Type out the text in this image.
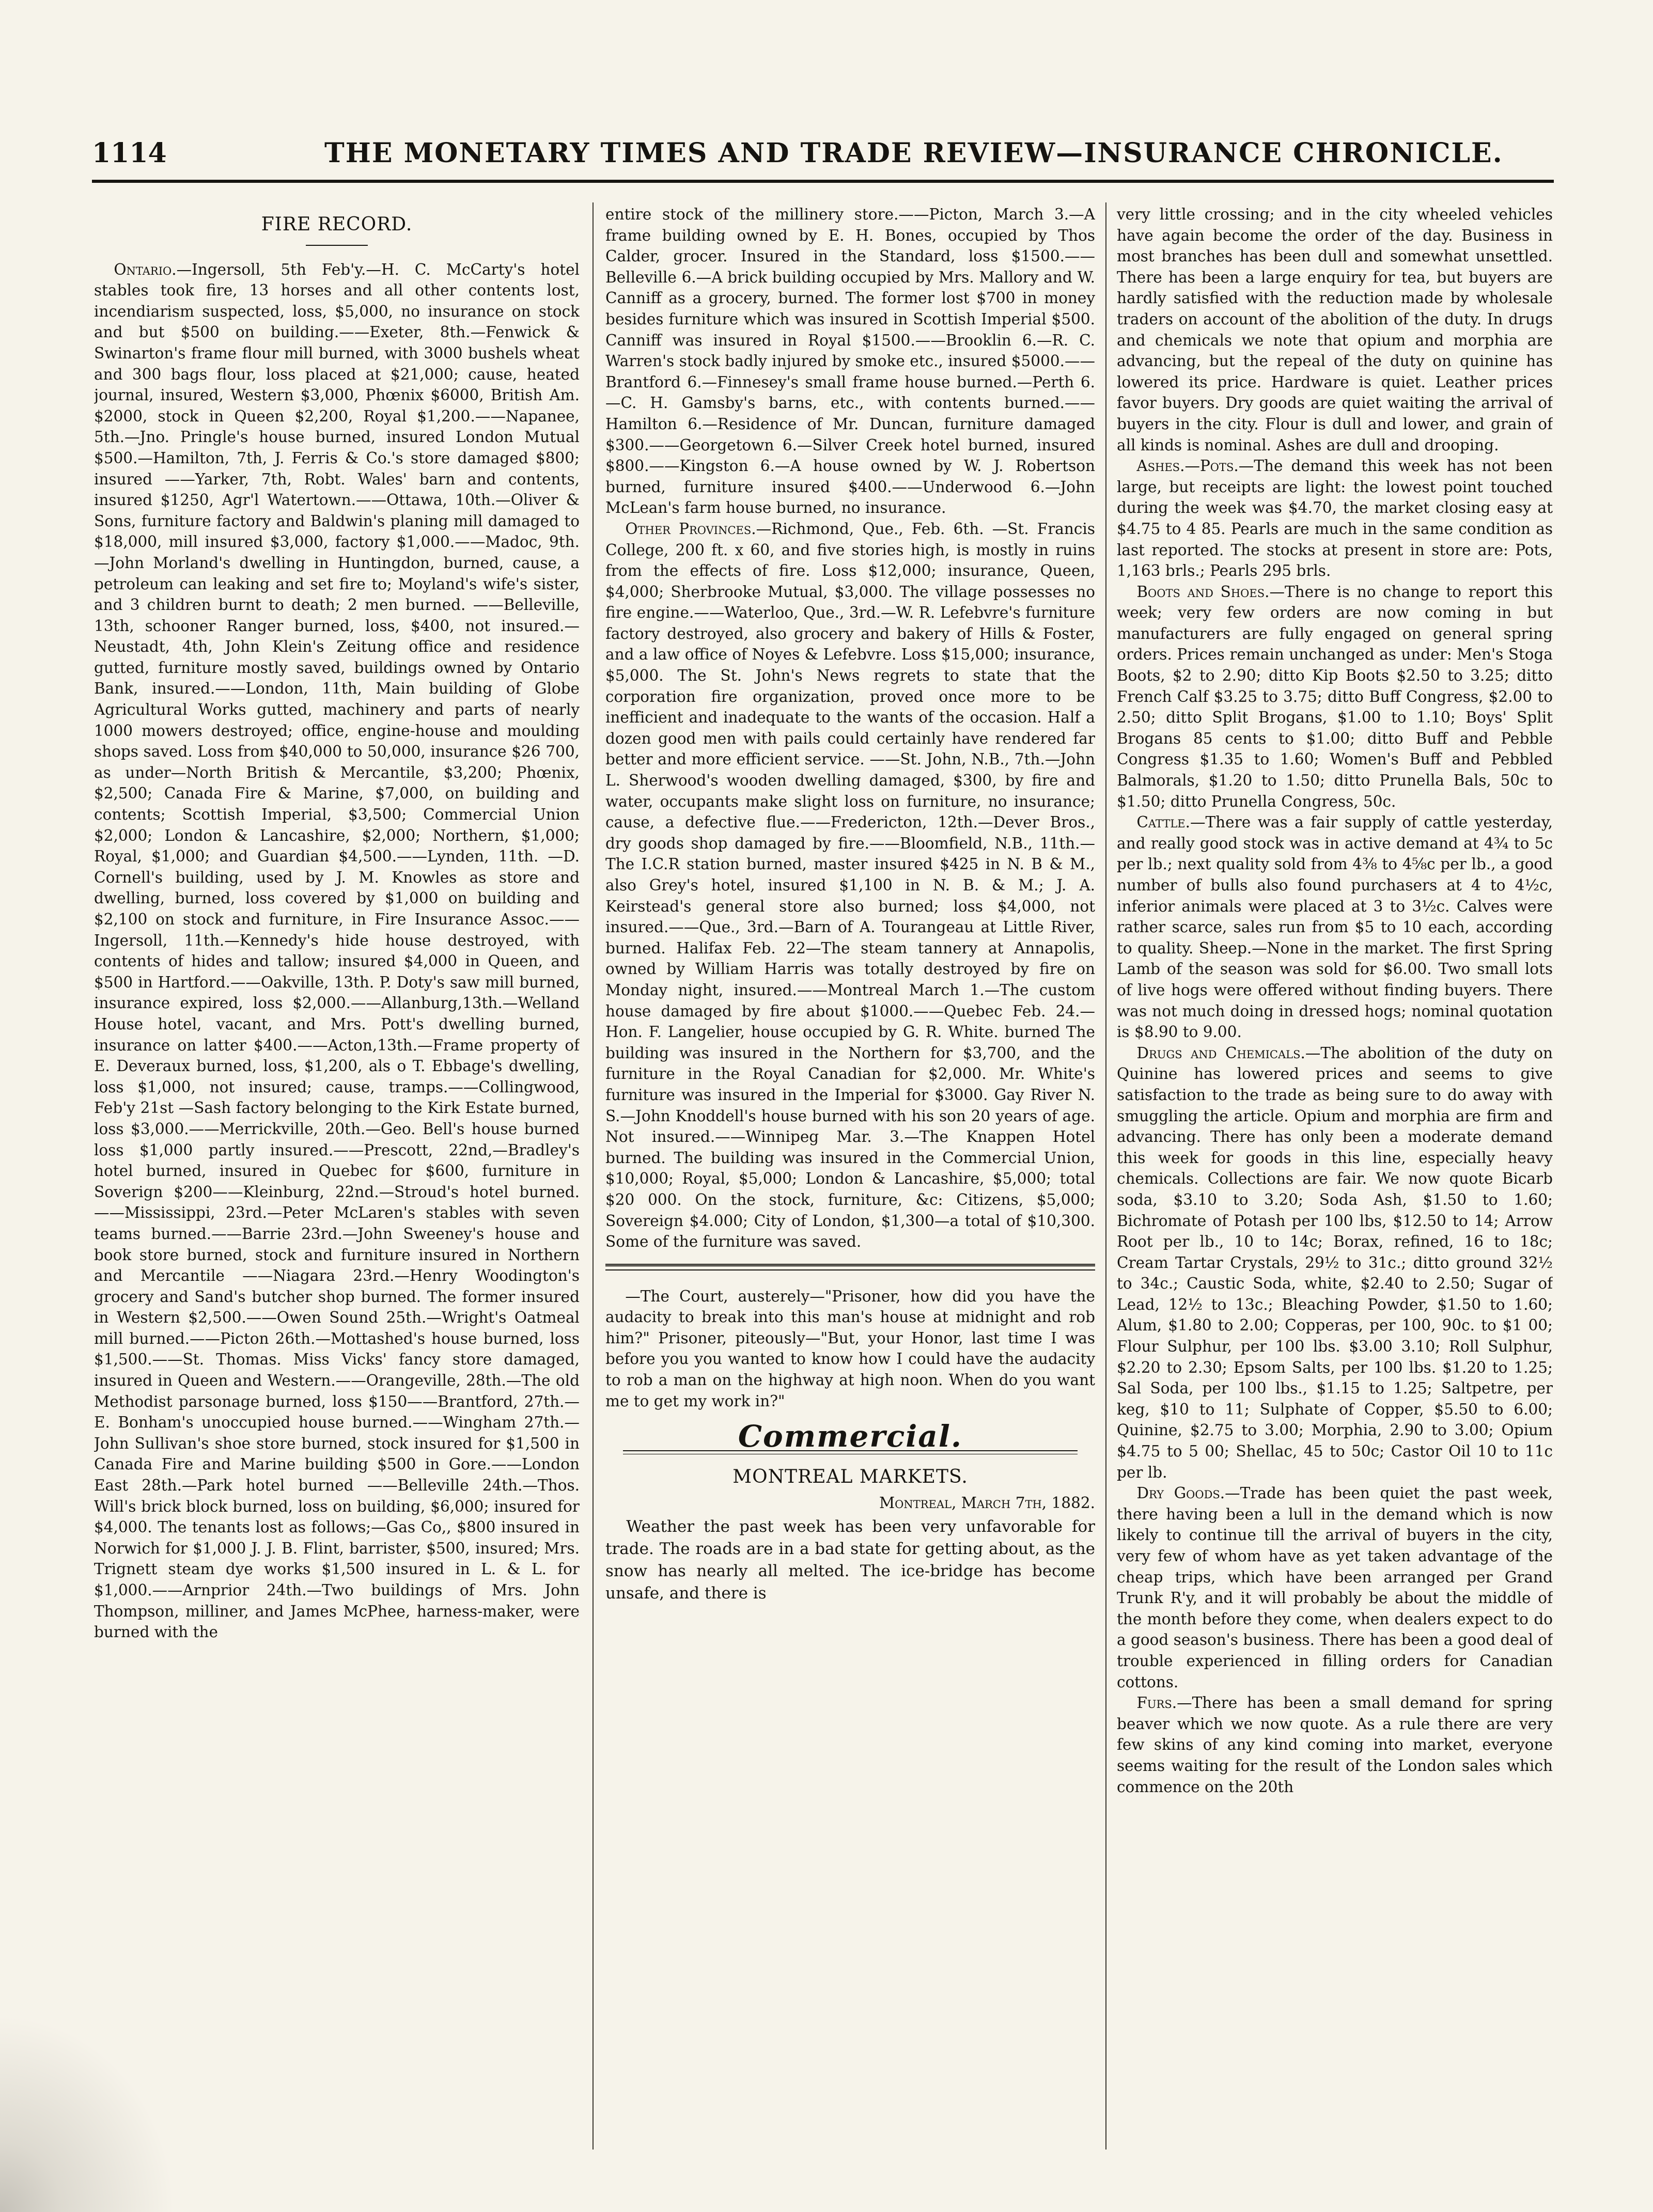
1114	THE MONETARY TIMES AND TRADE REVIEW—INSURANCE CHRONICLE.
FIRE RECORD.

Ontario.—Ingersoll, 5th Feb'y.—H. C. McCarty's hotel stables took fire, 13 horses and all other contents lost, incendiarism suspected, loss, $5,000, no insurance on stock and but $500 on building.——Exeter, 8th.—Fenwick & Swinarton's frame flour mill burned, with 3000 bushels wheat and 300 bags flour, loss placed at $21,000; cause, heated journal, insured, Western $3,000, Phœnix $6000, British Am. $2000, stock in Queen $2,200, Royal $1,200.——Napanee, 5th.—Jno. Pringle's house burned, insured London Mutual $500.—Hamilton, 7th, J. Ferris & Co.'s store damaged $800; insured ——Yarker, 7th, Robt. Wales' barn and contents, insured $1250, Agr'l Watertown.——Ottawa, 10th.—Oliver & Sons, furniture factory and Baldwin's planing mill damaged to $18,000, mill insured $3,000, factory $1,000.——Madoc, 9th.—John Morland's dwelling in Huntingdon, burned, cause, a petroleum can leaking and set fire to; Moyland's wife's sister, and 3 children burnt to death; 2 men burned. ——Belleville, 13th, schooner Ranger burned, loss, $400, not insured.—Neustadt, 4th, John Klein's Zeitung office and residence gutted, furniture mostly saved, buildings owned by Ontario Bank, insured.——London, 11th, Main building of Globe Agricultural Works gutted, machinery and parts of nearly 1000 mowers destroyed; office, engine-house and moulding shops saved. Loss from $40,000 to 50,000, insurance $26 700, as under—North British & Mercantile, $3,200; Phœnix, $2,500; Canada Fire & Marine, $7,000, on building and contents; Scottish Imperial, $3,500; Commercial Union $2,000; London & Lancashire, $2,000; Northern, $1,000; Royal, $1,000; and Guardian $4,500.——Lynden, 11th. —D. Cornell's building, used by J. M. Knowles as store and dwelling, burned, loss covered by $1,000 on building and $2,100 on stock and furniture, in Fire Insurance Assoc.——Ingersoll, 11th.—Kennedy's hide house destroyed, with contents of hides and tallow; insured $4,000 in Queen, and $500 in Hartford.——Oakville, 13th. P. Doty's saw mill burned, insurance expired, loss $2,000.——Allanburg,13th.—Welland House hotel, vacant, and Mrs. Pott's dwelling burned, insurance on latter $400.——Acton,13th.—Frame property of E. Deveraux burned, loss, $1,200, als o T. Ebbage's dwelling, loss $1,000, not insured; cause, tramps.——Collingwood, Feb'y 21st —Sash factory belonging to the Kirk Estate burned, loss $3,000.——Merrickville, 20th.—Geo. Bell's house burned loss $1,000 partly insured.——Prescott, 22nd,—Bradley's hotel burned, insured in Quebec for $600, furniture in Soverign $200——Kleinburg, 22nd.—Stroud's hotel burned.——Mississippi, 23rd.—Peter McLaren's stables with seven teams burned.——Barrie 23rd.—John Sweeney's house and book store burned, stock and furniture insured in Northern and Mercantile ——Niagara 23rd.—Henry Woodington's grocery and Sand's butcher shop burned. The former insured in Western $2,500.——Owen Sound 25th.—Wright's Oatmeal mill burned.——Picton 26th.—Mottashed's house burned, loss $1,500.——St. Thomas. Miss Vicks' fancy store damaged, insured in Queen and Western.——Orangeville, 28th.—The old Methodist parsonage burned, loss $150——Brantford, 27th.— E. Bonham's unoccupied house burned.——Wingham 27th.—John Sullivan's shoe store burned, stock insured for $1,500 in Canada Fire and Marine building $500 in Gore.——London East 28th.—Park hotel burned ——Belleville 24th.—Thos. Will's brick block burned, loss on building, $6,000; insured for $4,000. The tenants lost as follows;—Gas Co,, $800 insured in Norwich for $1,000 J. J. B. Flint, barrister, $500, insured; Mrs. Trignett steam dye works $1,500 insured in L. & L. for $1,000.——Arnprior 24th.—Two buildings of Mrs. John Thompson, milliner, and James McPhee, harness-maker, were burned with the

entire stock of the millinery store.——Picton, March 3.—A frame building owned by E. H. Bones, occupied by Thos Calder, grocer. Insured in the Standard, loss $1500.——Belleville 6.—A brick building occupied by Mrs. Mallory and W. Canniff as a grocery, burned. The former lost $700 in money besides furniture which was insured in Scottish Imperial $500. Canniff was insured in Royal $1500.——Brooklin 6.—R. C. Warren's stock badly injured by smoke etc., insured $5000.——Brantford 6.—Finnesey's small frame house burned.—Perth 6.—C. H. Gamsby's barns, etc., with contents burned.——Hamilton 6.—Residence of Mr. Duncan, furniture damaged $300.——Georgetown 6.—Silver Creek hotel burned, insured $800.——Kingston 6.—A house owned by W. J. Robertson burned, furniture insured $400.——Underwood 6.—John McLean's farm house burned, no insurance.

Other Provinces.—Richmond, Que., Feb. 6th. —St. Francis College, 200 ft. x 60, and five stories high, is mostly in ruins from the effects of fire. Loss $12,000; insurance, Queen, $4,000; Sherbrooke Mutual, $3,000. The village possesses no fire engine.——Waterloo, Que., 3rd.—W. R. Lefebvre's furniture factory destroyed, also grocery and bakery of Hills & Foster, and a law office of Noyes & Lefebvre. Loss $15,000; insurance, $5,000. The St. John's News regrets to state that the corporation fire organization, proved once more to be inefficient and inadequate to the wants of the occasion. Half a dozen good men with pails could certainly have rendered far better and more efficient service. ——St. John, N.B., 7th.—John L. Sherwood's wooden dwelling damaged, $300, by fire and water, occupants make slight loss on furniture, no insurance; cause, a defective flue.——Fredericton, 12th.—Dever Bros., dry goods shop damaged by fire.——Bloomfield, N.B., 11th.—The I.C.R station burned, master insured $425 in N. B & M., also Grey's hotel, insured $1,100 in N. B. & M.; J. A. Keirstead's general store also burned; loss $4,000, not insured.——Que., 3rd.—Barn of A. Tourangeau at Little River, burned. Halifax Feb. 22—The steam tannery at Annapolis, owned by William Harris was totally destroyed by fire on Monday night, insured.——Montreal March 1.—The custom house damaged by fire about $1000.——Quebec Feb. 24.—Hon. F. Langelier, house occupied by G. R. White. burned The building was insured in the Northern for $3,700, and the furniture in the Royal Canadian for $2,000. Mr. White's furniture was insured in the Imperial for $3000. Gay River N. S.—John Knoddell's house burned with his son 20 years of age. Not insured.——Winnipeg Mar. 3.—The Knappen Hotel burned. The building was insured in the Commercial Union, $10,000; Royal, $5,000; London & Lancashire, $5,000; total $20 000. On the stock, furniture, &c: Citizens, $5,000; Sovereign $4.000; City of London, $1,300—a total of $10,300. Some of the furniture was saved.

—The Court, austerely—"Prisoner, how did you have the audacity to break into this man's house at midnight and rob him?" Prisoner, piteously—"But, your Honor, last time I was before you you wanted to know how I could have the audacity to rob a man on the highway at high noon. When do you want me to get my work in?"

Commercial.
MONTREAL MARKETS.
Montreal, March 7th, 1882.

Weather the past week has been very unfavorable for trade. The roads are in a bad state for getting about, as the snow has nearly all melted. The ice-bridge has become unsafe, and there is

very little crossing; and in the city wheeled vehicles have again become the order of the day. Business in most branches has been dull and somewhat unsettled. There has been a large enquiry for tea, but buyers are hardly satisfied with the reduction made by wholesale traders on account of the abolition of the duty. In drugs and chemicals we note that opium and morphia are advancing, but the repeal of the duty on quinine has lowered its price. Hardware is quiet. Leather prices favor buyers. Dry goods are quiet waiting the arrival of buyers in the city. Flour is dull and lower, and grain of all kinds is nominal. Ashes are dull and drooping.

Ashes.—Pots.—The demand this week has not been large, but receipts are light: the lowest point touched during the week was $4.70, the market closing easy at $4.75 to 4 85. Pearls are much in the same condition as last reported. The stocks at present in store are: Pots, 1,163 brls.; Pearls 295 brls.

Boots and Shoes.—There is no change to report this week; very few orders are now coming in but manufacturers are fully engaged on general spring orders. Prices remain unchanged as under: Men's Stoga Boots, $2 to 2.90; ditto Kip Boots $2.50 to 3.25; ditto French Calf $3.25 to 3.75; ditto Buff Congress, $2.00 to 2.50; ditto Split Brogans, $1.00 to 1.10; Boys' Split Brogans 85 cents to $1.00; ditto Buff and Pebble Congress $1.35 to 1.60; Women's Buff and Pebbled Balmorals, $1.20 to 1.50; ditto Prunella Bals, 50c to $1.50; ditto Prunella Congress, 50c.

Cattle.—There was a fair supply of cattle yesterday, and really good stock was in active demand at 4¾ to 5c per lb.; next quality sold from 4⅜ to 4⅝c per lb., a good number of bulls also found purchasers at 4 to 4½c, inferior animals were placed at 3 to 3½c. Calves were rather scarce, sales run from $5 to 10 each, according to quality. Sheep.—None in the market. The first Spring Lamb of the season was sold for $6.00. Two small lots of live hogs were offered without finding buyers. There was not much doing in dressed hogs; nominal quotation is $8.90 to 9.00.

Drugs and Chemicals.—The abolition of the duty on Quinine has lowered prices and seems to give satisfaction to the trade as being sure to do away with smuggling the article. Opium and morphia are firm and advancing. There has only been a moderate demand this week for goods in this line, especially heavy chemicals. Collections are fair. We now quote Bicarb soda, $3.10 to 3.20; Soda Ash, $1.50 to 1.60; Bichromate of Potash per 100 lbs, $12.50 to 14; Arrow Root per lb., 10 to 14c; Borax, refined, 16 to 18c; Cream Tartar Crystals, 29½ to 31c.; ditto ground 32½ to 34c.; Caustic Soda, white, $2.40 to 2.50; Sugar of Lead, 12½ to 13c.; Bleaching Powder, $1.50 to 1.60; Alum, $1.80 to 2.00; Copperas, per 100, 90c. to $1 00; Flour Sulphur, per 100 lbs. $3.00 3.10; Roll Sulphur, $2.20 to 2.30; Epsom Salts, per 100 lbs. $1.20 to 1.25; Sal Soda, per 100 lbs., $1.15 to 1.25; Saltpetre, per keg, $10 to 11; Sulphate of Copper, $5.50 to 6.00; Quinine, $2.75 to 3.00; Morphia, 2.90 to 3.00; Opium $4.75 to 5 00; Shellac, 45 to 50c; Castor Oil 10 to 11c per lb.

Dry Goods.—Trade has been quiet the past week, there having been a lull in the demand which is now likely to continue till the arrival of buyers in the city, very few of whom have as yet taken advantage of the cheap trips, which have been arranged per Grand Trunk R'y, and it will probably be about the middle of the month before they come, when dealers expect to do a good season's business. There has been a good deal of trouble experienced in filling orders for Canadian cottons.

Furs.—There has been a small demand for spring beaver which we now quote. As a rule there are very few skins of any kind coming into market, everyone seems waiting for the result of the London sales which commence on the 20th
